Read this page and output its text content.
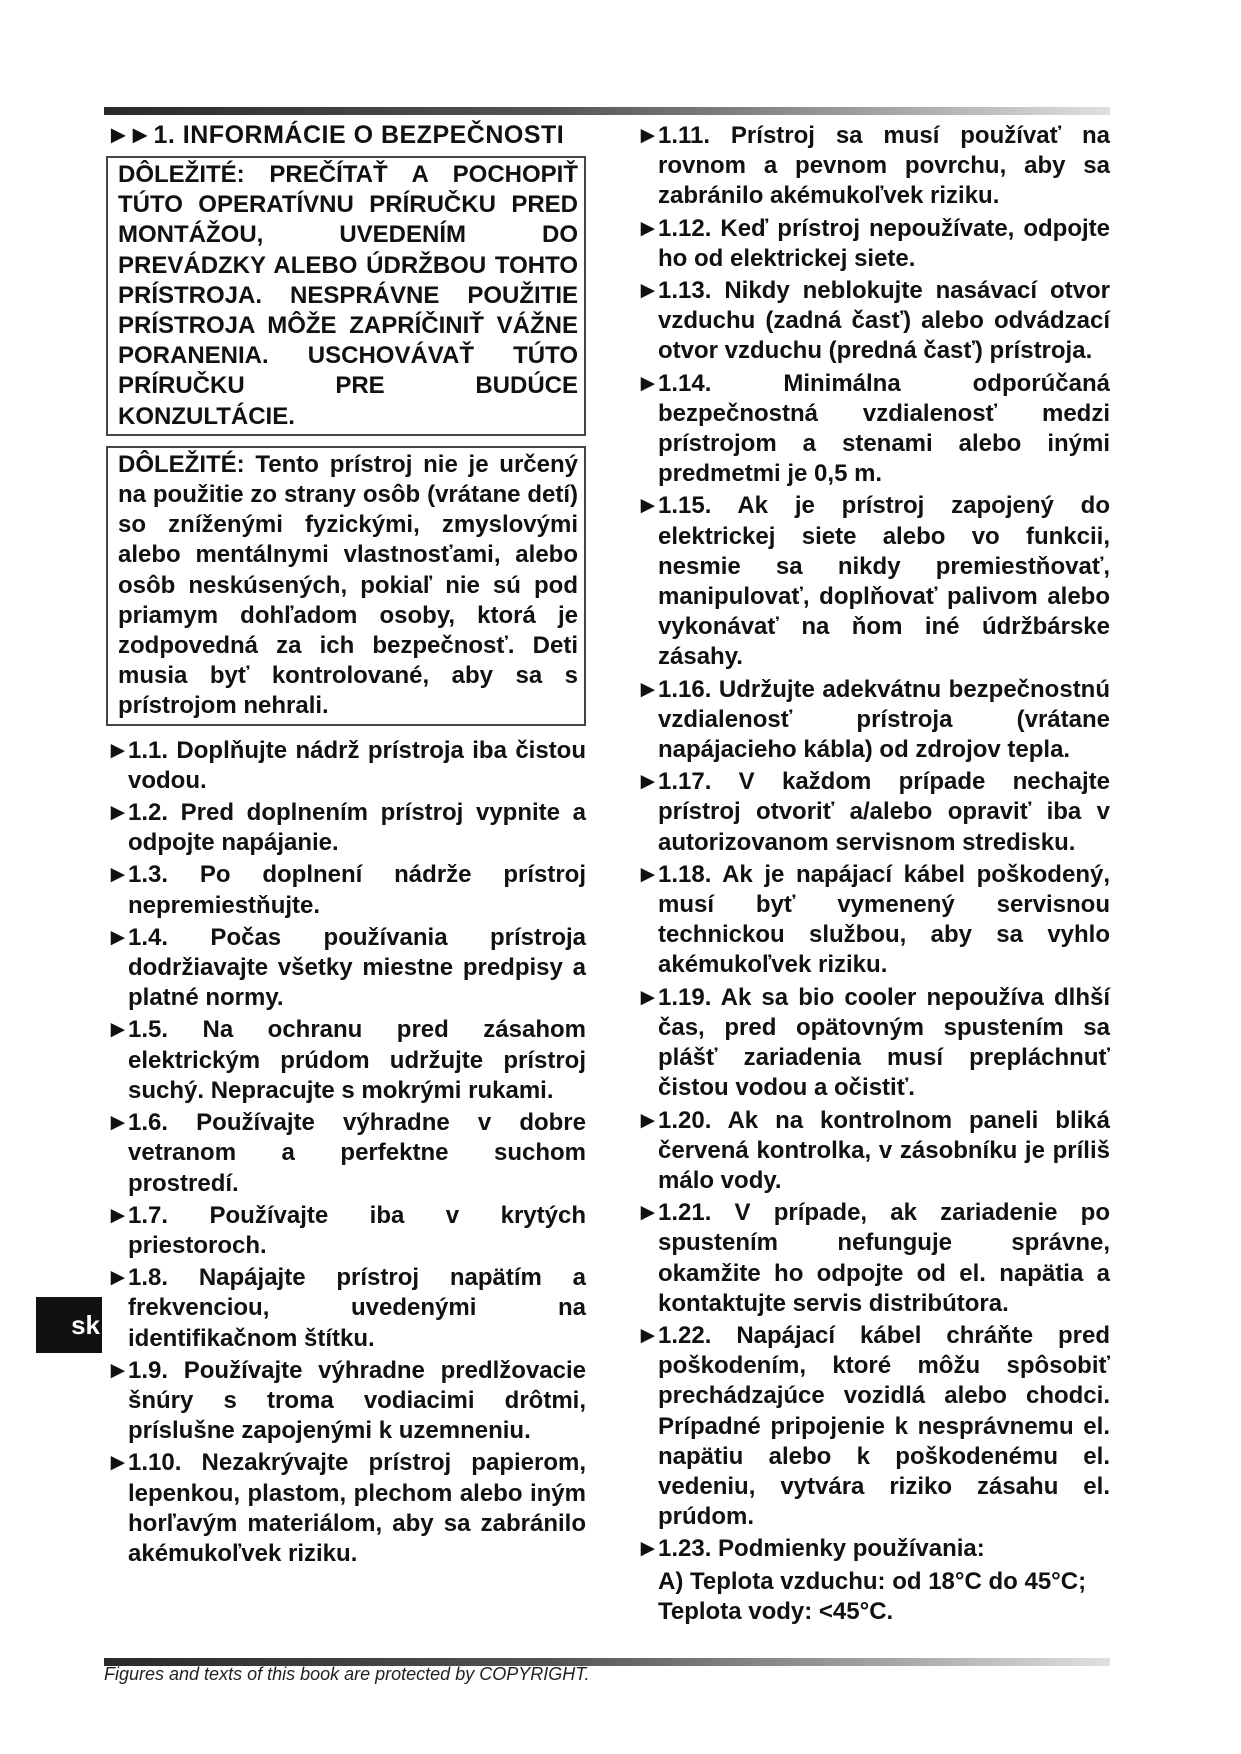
►► 1. INFORMÁCIE O BEZPEČNOSTI
DÔLEŽITÉ: PREČÍTAŤ A POCHOPIŤ TÚTO OPERATÍVNU PRÍRUČKU PRED MONTÁŽOU, UVEDENÍM DO PREVÁDZKY ALEBO ÚDRŽBOU TOHTO PRÍSTROJA. NESPRÁVNE POUŽITIE PRÍSTROJA MÔŽE ZAPRÍČINIŤ VÁŽNE PORANENIA. USCHOVÁVAŤ TÚTO PRÍRUČKU PRE BUDÚCE KONZULTÁCIE.
DÔLEŽITÉ: Tento prístroj nie je určený na použitie zo strany osôb (vrátane detí) so zníženými fyzickými, zmyslovými alebo mentálnymi vlastnosťami, alebo osôb neskúsených, pokiaľ nie sú pod priamym dohľadom osoby, ktorá je zodpovedná za ich bezpečnosť. Deti musia byť kontrolované, aby sa s prístrojom nehrali.
►1.1. Doplňujte nádrž prístroja iba čistou vodou.
►1.2. Pred doplnením prístroj vypnite a odpojte napájanie.
►1.3. Po doplnení nádrže prístroj nepremiestňujte.
►1.4. Počas používania prístroja dodržiavajte všetky miestne predpisy a platné normy.
►1.5. Na ochranu pred zásahom elektrickým prúdom udržujte prístroj suchý. Nepracujte s mokrými rukami.
►1.6. Používajte výhradne v dobre vetranom a perfektne suchom prostredí.
►1.7. Používajte iba v krytých priestoroch.
►1.8. Napájajte prístroj napätím a frekvenciou, uvedenými na identifikačnom štítku.
►1.9. Používajte výhradne predlžovacie šnúry s troma vodiacimi drôtmi, príslušne zapojenými k uzemneniu.
►1.10. Nezakrývajte prístroj papierom, lepenkou, plastom, plechom alebo iným horľavým materiálom, aby sa zabránilo akémukoľvek riziku.
►1.11. Prístroj sa musí používať na rovnom a pevnom povrchu, aby sa zabránilo akémukoľvek riziku.
►1.12. Keď prístroj nepoužívate, odpojte ho od elektrickej siete.
►1.13. Nikdy neblokujte nasávací otvor vzduchu (zadná časť) alebo odvádzací otvor vzduchu (predná časť) prístroja.
►1.14. Minimálna odporúčaná bezpečnostná vzdialenosť medzi prístrojom a stenami alebo inými predmetmi je 0,5 m.
►1.15. Ak je prístroj zapojený do elektrickej siete alebo vo funkcii, nesmie sa nikdy premiestňovať, manipulovať, doplňovať palivom alebo vykonávať na ňom iné údržbárske zásahy.
►1.16. Udržujte adekvátnu bezpečnostnú vzdialenosť prístroja (vrátane napájacieho kábla) od zdrojov tepla.
►1.17. V každom prípade nechajte prístroj otvoriť a/alebo opraviť iba v autorizovanom servisnom stredisku.
►1.18. Ak je napájací kábel poškodený, musí byť vymenený servisnou technickou službou, aby sa vyhlo akémukoľvek riziku.
►1.19. Ak sa bio cooler nepoužíva dlhší čas, pred opätovným spustením sa plášť zariadenia musí prepláchnuť čistou vodou a očistiť.
►1.20. Ak na kontrolnom paneli bliká červená kontrolka, v zásobníku je príliš málo vody.
►1.21. V prípade, ak zariadenie po spustením nefunguje správne, okamžite ho odpojte od el. napätia a kontaktujte servis distribútora.
►1.22. Napájací kábel chráňte pred poškodením, ktoré môžu spôsobiť prechádzajúce vozidlá alebo chodci. Prípadné pripojenie k nesprávnemu el. napätiu alebo k poškodenému el. vedeniu, vytvára riziko zásahu el. prúdom.
►1.23. Podmienky používania:
A) Teplota vzduchu: od 18°C do 45°C;
Teplota vody: <45°C.
sk
Figures and texts of this book are protected by COPYRIGHT.
